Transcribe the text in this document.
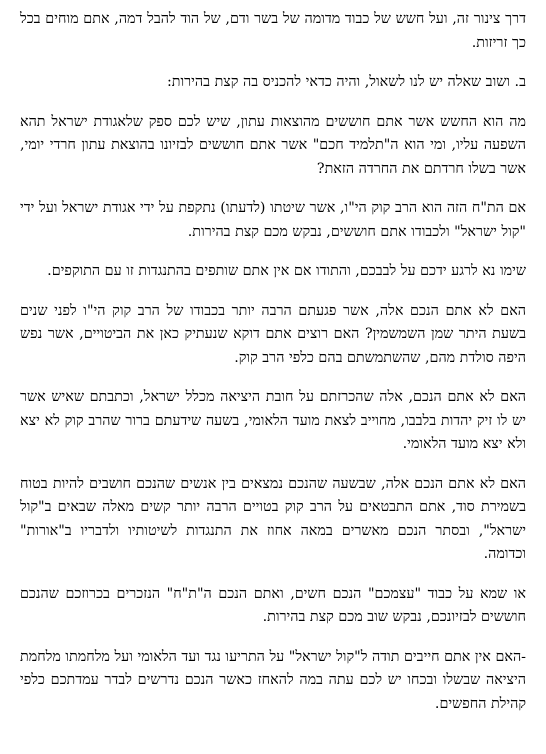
דרך צינור זה, ועל חשש של כבוד מדומה של בשר ודם, של הוד להבל דמה, אתם מוחים בכל כך זריזות.

ב. ושוב שאלה יש לנו לשאול, והיה כדאי להכניס בה קצת בהירות:

מה הוא החשש אשר אתם חוששים מהוצאות עתון, שיש לכם ספק שלאגודת ישראל תהא השפעה עליו, ומי הוא ה"תלמיד חכם" אשר אתם חוששים לבזיונו בהוצאת עתון חרדי יומי, אשר בשלו חרדתם את החרדה הזאת?

אם הת"ח הזה הוא הרב קוק הי"ו, אשר שיטתו (לדעתו) נתקפת על ידי אגודת ישראל ועל ידי "קול ישראל" ולכבודו אתם חוששים, נבקש מכם קצת בהירות.

שימו נא לרגע ידכם על לבבכם, והתודו אם אין אתם שותפים בהתנגדות זו עם התוקפים.

האם לא אתם הנכם אלה, אשר פגעתם הרבה יותר בכבודו של הרב קוק הי"ו לפני שנים בשעת היתר שמן השמשמין? האם רוצים אתם דוקא שנעתיק כאן את הביטויים, אשר נפש היפה סולדת מהם, שהשתמשתם בהם כלפי הרב קוק.

האם לא אתם הנכם, אלה שהכרזתם על חובת היציאה מכלל ישראל, וכתבתם שאיש אשר יש לו זיק יהדות בלבבו, מחוייב לצאת מועד הלאומי, בשעה שידעתם ברור שהרב קוק לא יצא ולא יצא מועד הלאומי.

האם לא אתם הנכם אלה, שבשעה שהנכם נמצאים בין אנשים שהנכם חושבים להיות בטוח בשמירת סוד, אתם התבטאים על הרב קוק בטויים הרבה יותר קשים מאלה שבאים ב"קול ישראל", ובסתר הנכם מאשרים במאה אחוז את התנגדות לשיטותיו ולדבריו ב"אורות" וכדומה.

או שמא על כבוד "עצמכם" הנכם חשים, ואתם הנכם ה"ת"ח" הנזכרים בכרוזכם שהנכם חוששים לבזיונכם, נבקש שוב מכם קצת בהירות.

-האם אין אתם חייבים תודה ל"קול ישראל" על התריעו נגד ועד הלאומי ועל מלחמתו מלחמת היציאה שבשלו ובכחו יש לכם עתה במה להאחז כאשר הנכם נדרשים לבדר עמדתכם כלפי קהילת החפשים.
